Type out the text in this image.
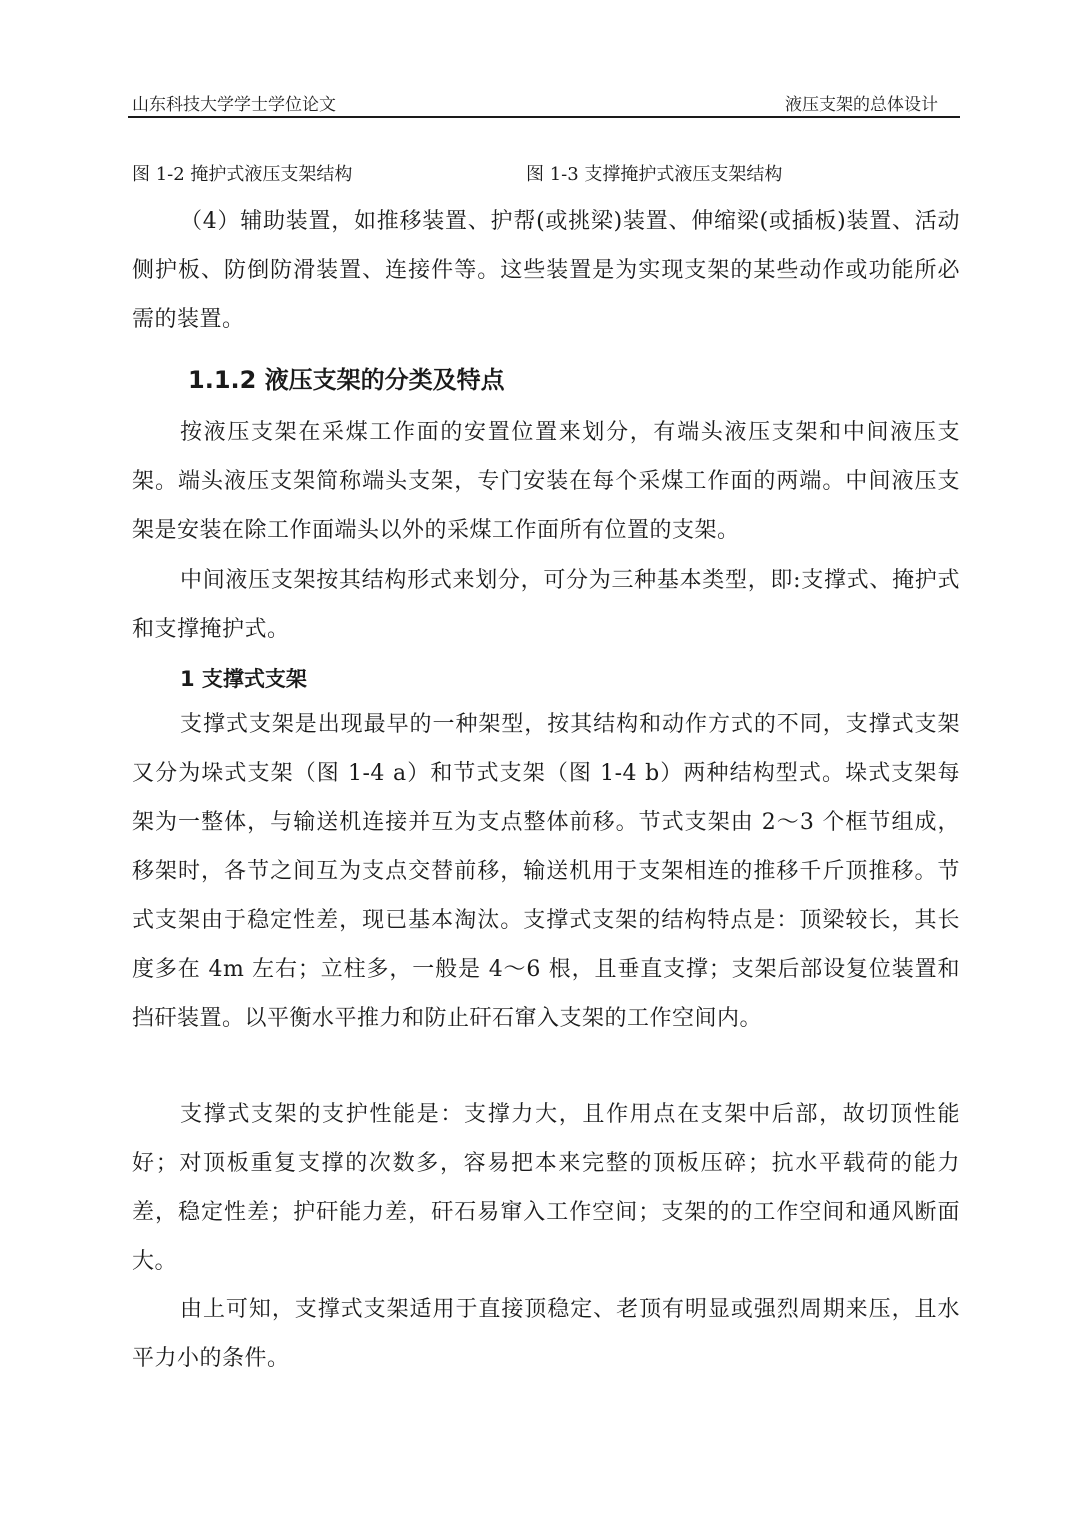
山东科技大学学士学位论文	液压支架的总体设计
图 1-2 掩护式液压支架结构	图 1-3 支撑掩护式液压支架结构
（4）辅助装置，如推移装置、护帮(或挑梁)装置、伸缩梁(或插板)装置、活动侧护板、防倒防滑装置、连接件等。这些装置是为实现支架的某些动作或功能所必需的装置。
1.1.2 液压支架的分类及特点
按液压支架在采煤工作面的安置位置来划分，有端头液压支架和中间液压支架。端头液压支架简称端头支架，专门安装在每个采煤工作面的两端。中间液压支架是安装在除工作面端头以外的采煤工作面所有位置的支架。
中间液压支架按其结构形式来划分，可分为三种基本类型，即:支撑式、掩护式和支撑掩护式。
1 支撑式支架
支撑式支架是出现最早的一种架型，按其结构和动作方式的不同，支撑式支架又分为垛式支架（图 1-4 a）和节式支架（图 1-4 b）两种结构型式。垛式支架每架为一整体，与输送机连接并互为支点整体前移。节式支架由 2～3 个框节组成，移架时，各节之间互为支点交替前移，输送机用于支架相连的推移千斤顶推移。节式支架由于稳定性差，现已基本淘汰。支撑式支架的结构特点是：顶梁较长，其长度多在 4m 左右；立柱多，一般是 4～6 根，且垂直支撑；支架后部设复位装置和挡矸装置。以平衡水平推力和防止矸石窜入支架的工作空间内。
支撑式支架的支护性能是：支撑力大，且作用点在支架中后部，故切顶性能好；对顶板重复支撑的次数多，容易把本来完整的顶板压碎；抗水平载荷的能力差，稳定性差；护矸能力差，矸石易窜入工作空间；支架的的工作空间和通风断面大。
由上可知，支撑式支架适用于直接顶稳定、老顶有明显或强烈周期来压，且水平力小的条件。
